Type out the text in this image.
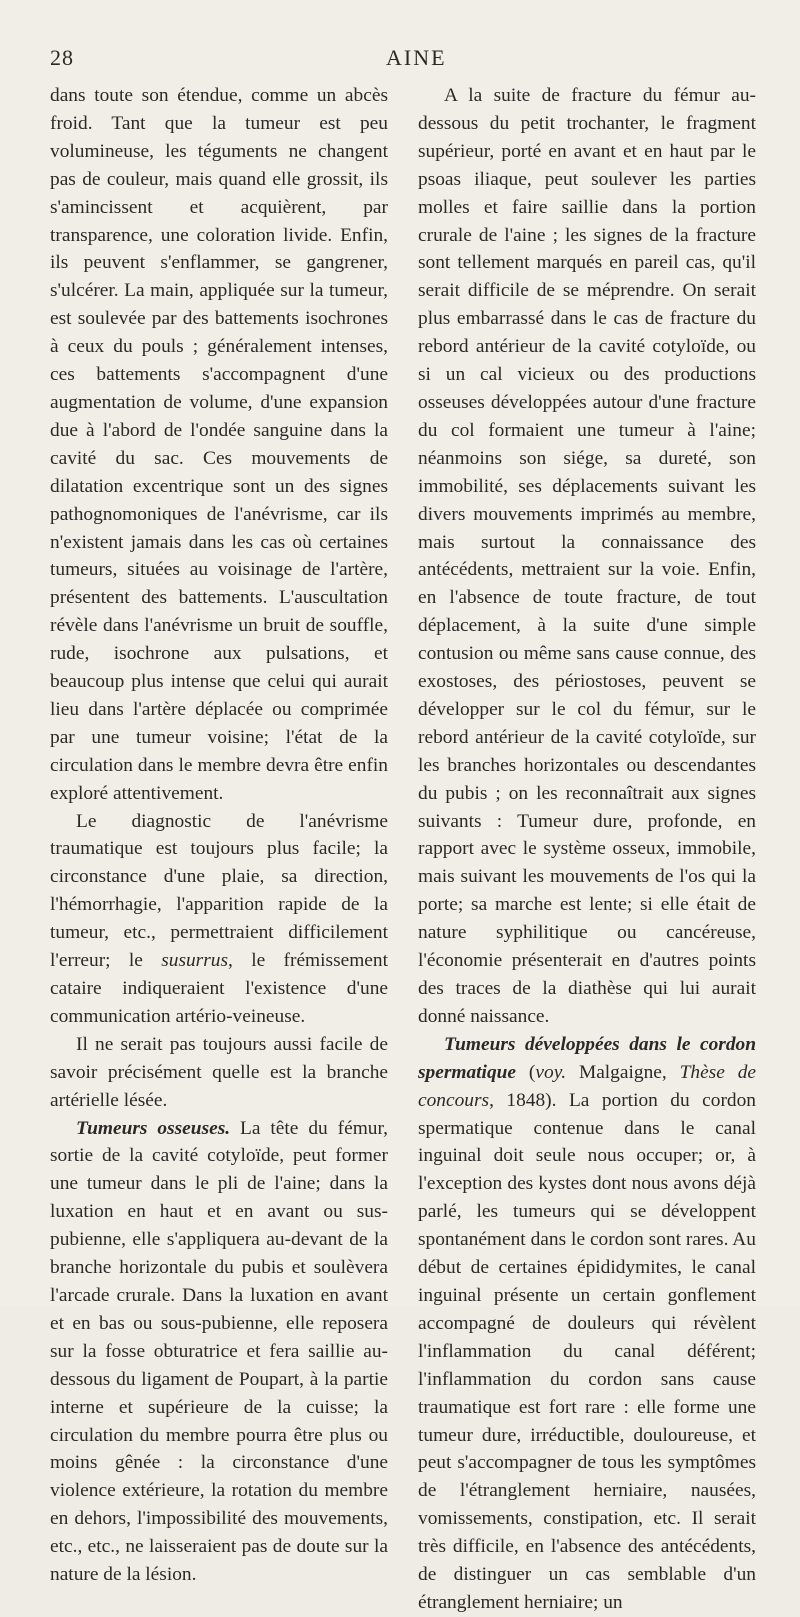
28	AINE

dans toute son étendue, comme un abcès froid. Tant que la tumeur est peu volumineuse, les téguments ne changent pas de couleur, mais quand elle grossit, ils s'amincissent et acquièrent, par transparence, une coloration livide. Enfin, ils peuvent s'enflammer, se gangrener, s'ulcérer. La main, appliquée sur la tumeur, est soulevée par des battements isochrones à ceux du pouls ; généralement intenses, ces battements s'accompagnent d'une augmentation de volume, d'une expansion due à l'abord de l'ondée sanguine dans la cavité du sac. Ces mouvements de dilatation excentrique sont un des signes pathognomoniques de l'anévrisme, car ils n'existent jamais dans les cas où certaines tumeurs, situées au voisinage de l'artère, présentent des battements. L'auscultation révèle dans l'anévrisme un bruit de souffle, rude, isochrone aux pulsations, et beaucoup plus intense que celui qui aurait lieu dans l'artère déplacée ou comprimée par une tumeur voisine; l'état de la circulation dans le membre devra être enfin exploré attentivement.

Le diagnostic de l'anévrisme traumatique est toujours plus facile; la circonstance d'une plaie, sa direction, l'hémorrhagie, l'apparition rapide de la tumeur, etc., permettraient difficilement l'erreur; le susurrus, le frémissement cataire indiqueraient l'existence d'une communication artério-veineuse.

Il ne serait pas toujours aussi facile de savoir précisément quelle est la branche artérielle lésée.

Tumeurs osseuses. La tête du fémur, sortie de la cavité cotyloïde, peut former une tumeur dans le pli de l'aine; dans la luxation en haut et en avant ou sus-pubienne, elle s'appliquera au-devant de la branche horizontale du pubis et soulèvera l'arcade crurale. Dans la luxation en avant et en bas ou sous-pubienne, elle reposera sur la fosse obturatrice et fera saillie au-dessous du ligament de Poupart, à la partie interne et supérieure de la cuisse; la circulation du membre pourra être plus ou moins gênée : la circonstance d'une violence extérieure, la rotation du membre en dehors, l'impossibilité des mouvements, etc., etc., ne laisseraient pas de doute sur la nature de la lésion.

A la suite de fracture du fémur au-dessous du petit trochanter, le fragment supérieur, porté en avant et en haut par le psoas iliaque, peut soulever les parties molles et faire saillie dans la portion crurale de l'aine ; les signes de la fracture sont tellement marqués en pareil cas, qu'il serait difficile de se méprendre. On serait plus embarrassé dans le cas de fracture du rebord antérieur de la cavité cotyloïde, ou si un cal vicieux ou des productions osseuses développées autour d'une fracture du col formaient une tumeur à l'aine; néanmoins son siége, sa dureté, son immobilité, ses déplacements suivant les divers mouvements imprimés au membre, mais surtout la connaissance des antécédents, mettraient sur la voie. Enfin, en l'absence de toute fracture, de tout déplacement, à la suite d'une simple contusion ou même sans cause connue, des exostoses, des périostoses, peuvent se développer sur le col du fémur, sur le rebord antérieur de la cavité cotyloïde, sur les branches horizontales ou descendantes du pubis ; on les reconnaîtrait aux signes suivants : Tumeur dure, profonde, en rapport avec le système osseux, immobile, mais suivant les mouvements de l'os qui la porte; sa marche est lente; si elle était de nature syphilitique ou cancéreuse, l'économie présenterait en d'autres points des traces de la diathèse qui lui aurait donné naissance.

Tumeurs développées dans le cordon spermatique (voy. Malgaigne, Thèse de concours, 1848). La portion du cordon spermatique contenue dans le canal inguinal doit seule nous occuper; or, à l'exception des kystes dont nous avons déjà parlé, les tumeurs qui se développent spontanément dans le cordon sont rares. Au début de certaines épididymites, le canal inguinal présente un certain gonflement accompagné de douleurs qui révèlent l'inflammation du canal déférent; l'inflammation du cordon sans cause traumatique est fort rare : elle forme une tumeur dure, irréductible, douloureuse, et peut s'accompagner de tous les symptômes de l'étranglement herniaire, nausées, vomissements, constipation, etc. Il serait très difficile, en l'absence des antécédents, de distinguer un cas semblable d'un étranglement herniaire; un
